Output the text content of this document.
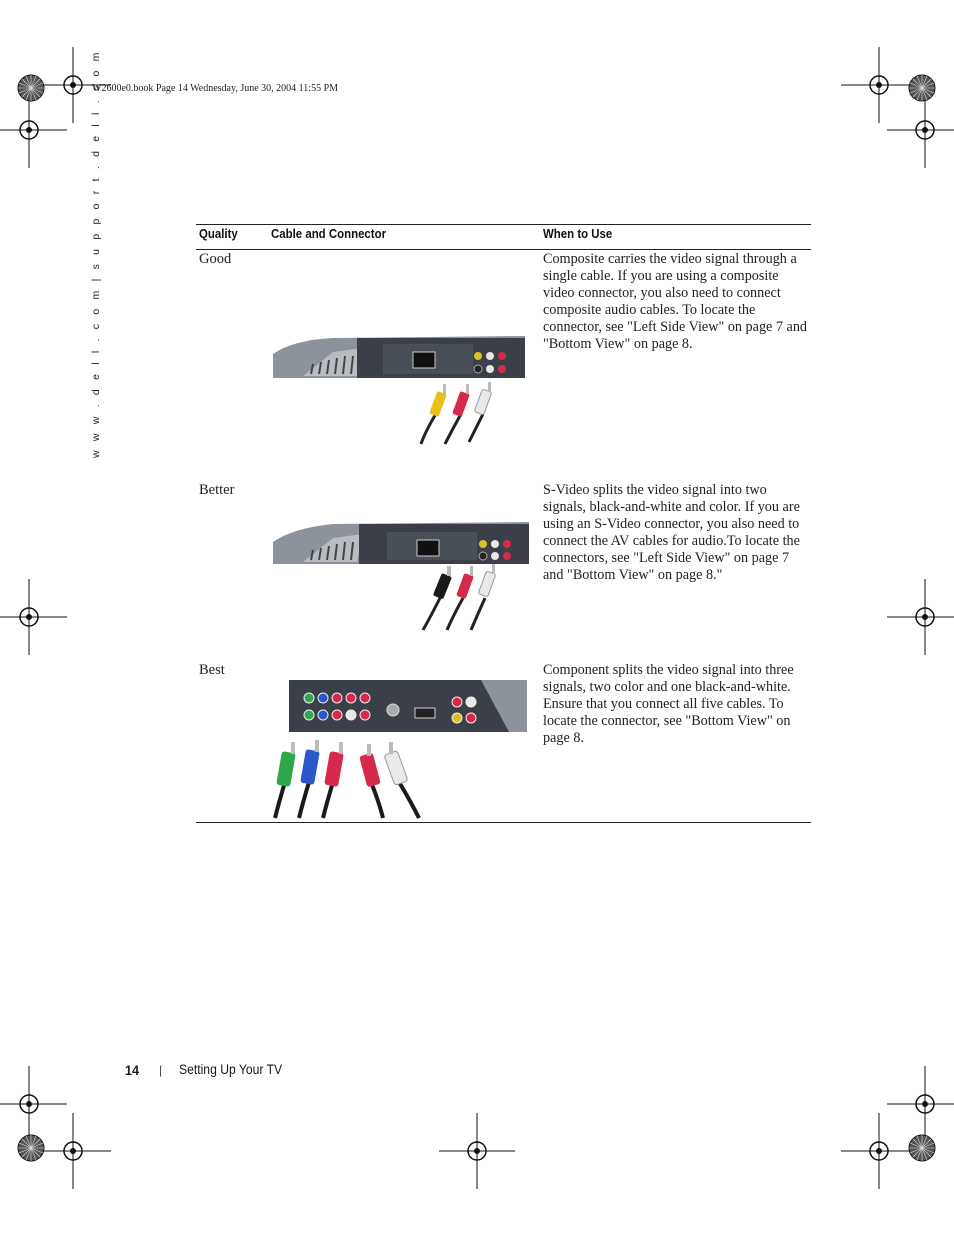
W2600e0.book Page 14 Wednesday, June 30, 2004 11:55 PM
w w w . d e l l . c o m | s u p p o r t . d e l l . c o m	Quality	Cable and Connector	When to Use
Good	Composite carries the video signal through a single cable. If you are using a composite video connector, you also need to connect composite audio cables. To locate the connector, see "Left Side View" on page 7 and "Bottom View" on page 8.
Better	S-Video splits the video signal into two signals, black-and-white and color. If you are using an S-Video connector, you also need to connect the AV cables for audio.To locate the connectors, see "Left Side View" on page 7 and "Bottom View" on page 8."
Best	Component splits the video signal into three signals, two color and one black-and-white. Ensure that you connect all five cables. To locate the connector, see "Bottom View" on page 8.
14 | Setting Up Your TV
